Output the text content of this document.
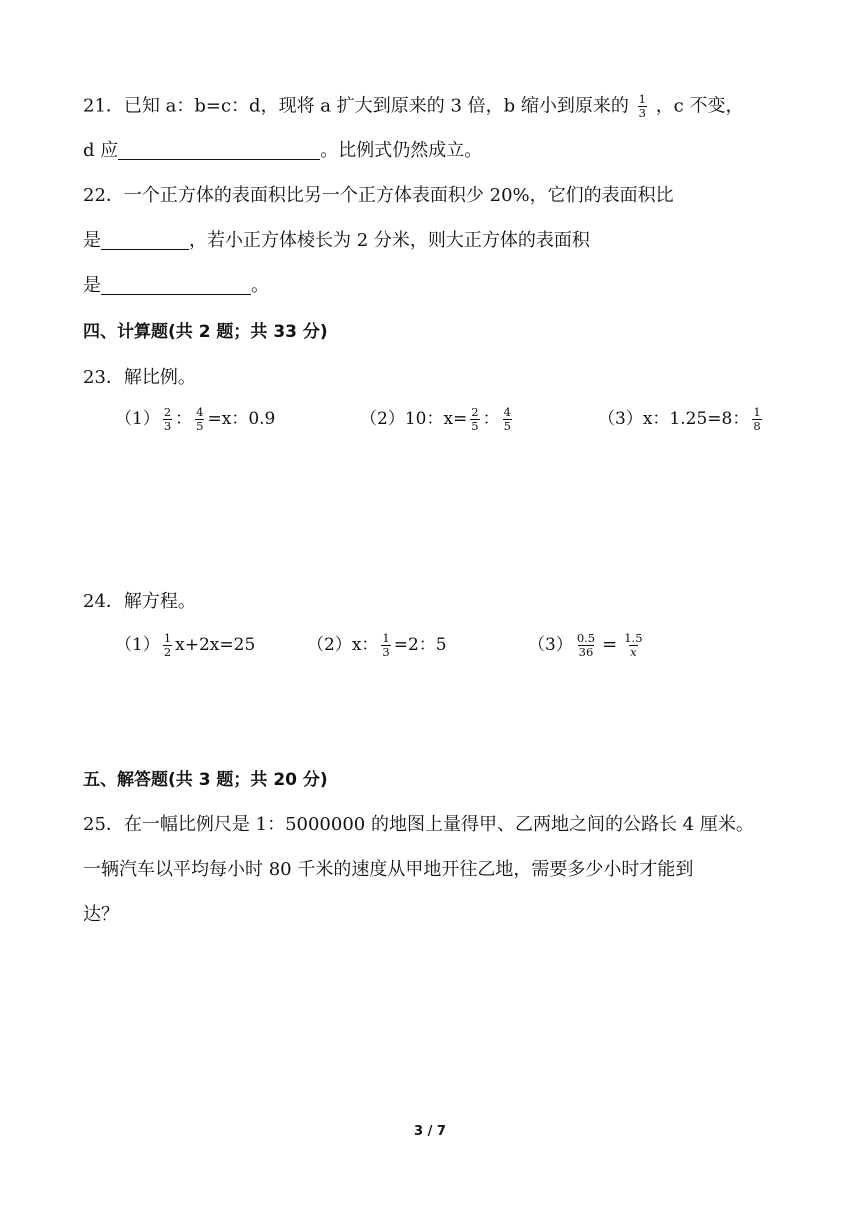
21．已知 a：b=c：d，现将 a 扩大到原来的 3 倍，b 缩小到原来的 $\frac{1}{3}$ ，c 不变，
d 应	。比例式仍然成立。
22．一个正方体的表面积比另一个正方体表面积少 20%，它们的表面积比
是	，若小正方体棱长为 2 分米，则大正方体的表面积
是	。
四、计算题(共 2 题；共 33 分)
23．解比例。
$(1) \frac{2}{3}$ ： $\frac{4}{5} =x$：0.9	（2）10：$x= \frac{2}{5}$ ： $\frac{4}{5}$	（3）x：1.25=8： $\frac{1}{8}$
24．解方程。
$(1) \frac{1}{2} x+2x=25$	（2）x： $\frac{1}{3} =2$：5	$(3) \frac{0.5}{36} = \frac{1.5}{x}$
五、解答题(共 3 题；共 20 分)
25．在一幅比例尺是 1：5000000 的地图上量得甲、乙两地之间的公路长 4 厘米。
一辆汽车以平均每小时 80 千米的速度从甲地开往乙地，需要多少小时才能到
达？
3 / 7
